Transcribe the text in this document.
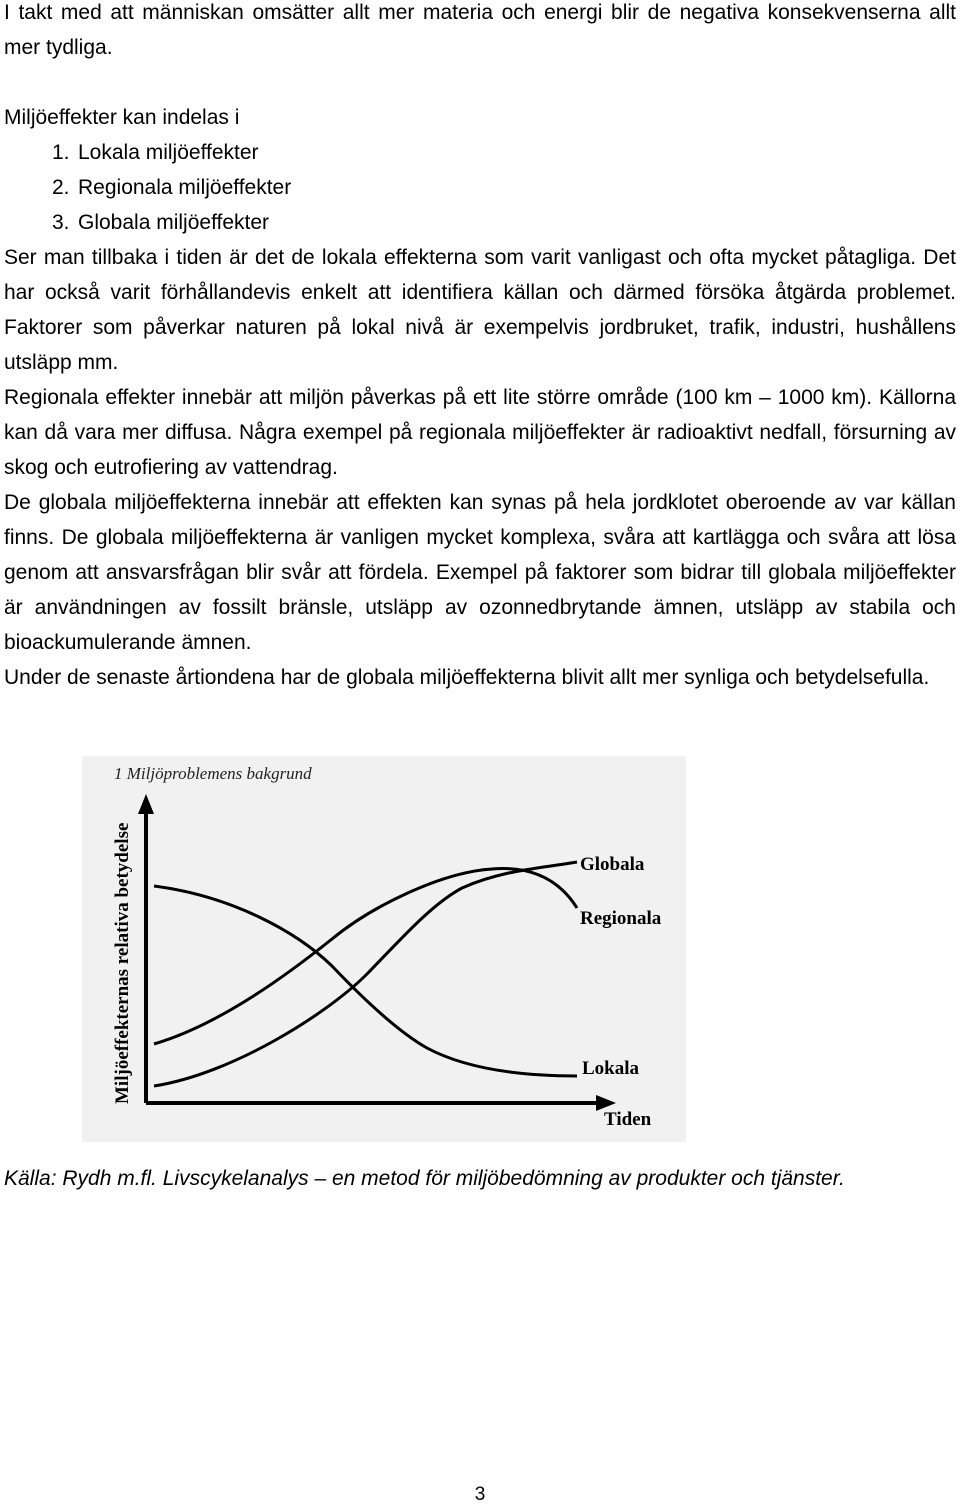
I takt med att människan omsätter allt mer materia och energi blir de negativa konsekvenserna allt mer tydliga.

Miljöeffekter kan indelas i

1. Lokala miljöeffekter
2. Regionala miljöeffekter
3. Globala miljöeffekter

Ser man tillbaka i tiden är det de lokala effekterna som varit vanligast och ofta mycket påtagliga. Det har också varit förhållandevis enkelt att identifiera källan och därmed försöka åtgärda problemet. Faktorer som påverkar naturen på lokal nivå är exempelvis jordbruket, trafik, industri, hushållens utsläpp mm.

Regionala effekter innebär att miljön påverkas på ett lite större område (100 km – 1000 km). Källorna kan då vara mer diffusa. Några exempel på regionala miljöeffekter är radioaktivt nedfall, försurning av skog och eutrofiering av vattendrag.

De globala miljöeffekterna innebär att effekten kan synas på hela jordklotet oberoende av var källan finns. De globala miljöeffekterna är vanligen mycket komplexa, svåra att kartlägga och svåra att lösa genom att ansvarsfrågan blir svår att fördela. Exempel på faktorer som bidrar till globala miljöeffekter är användningen av fossilt bränsle, utsläpp av ozonnedbrytande ämnen, utsläpp av stabila och bioackumulerande ämnen.

Under de senaste årtiondena har de globala miljöeffekterna blivit allt mer synliga och betydelsefulla.

1 Miljöproblemens bakgrund
Miljöeffekternas relativa betydelse
Tiden
Globala
Regionala
Lokala
Källa: Rydh m.fl. Livscykelanalys – en metod för miljöbedömning av produkter och tjänster.
3
